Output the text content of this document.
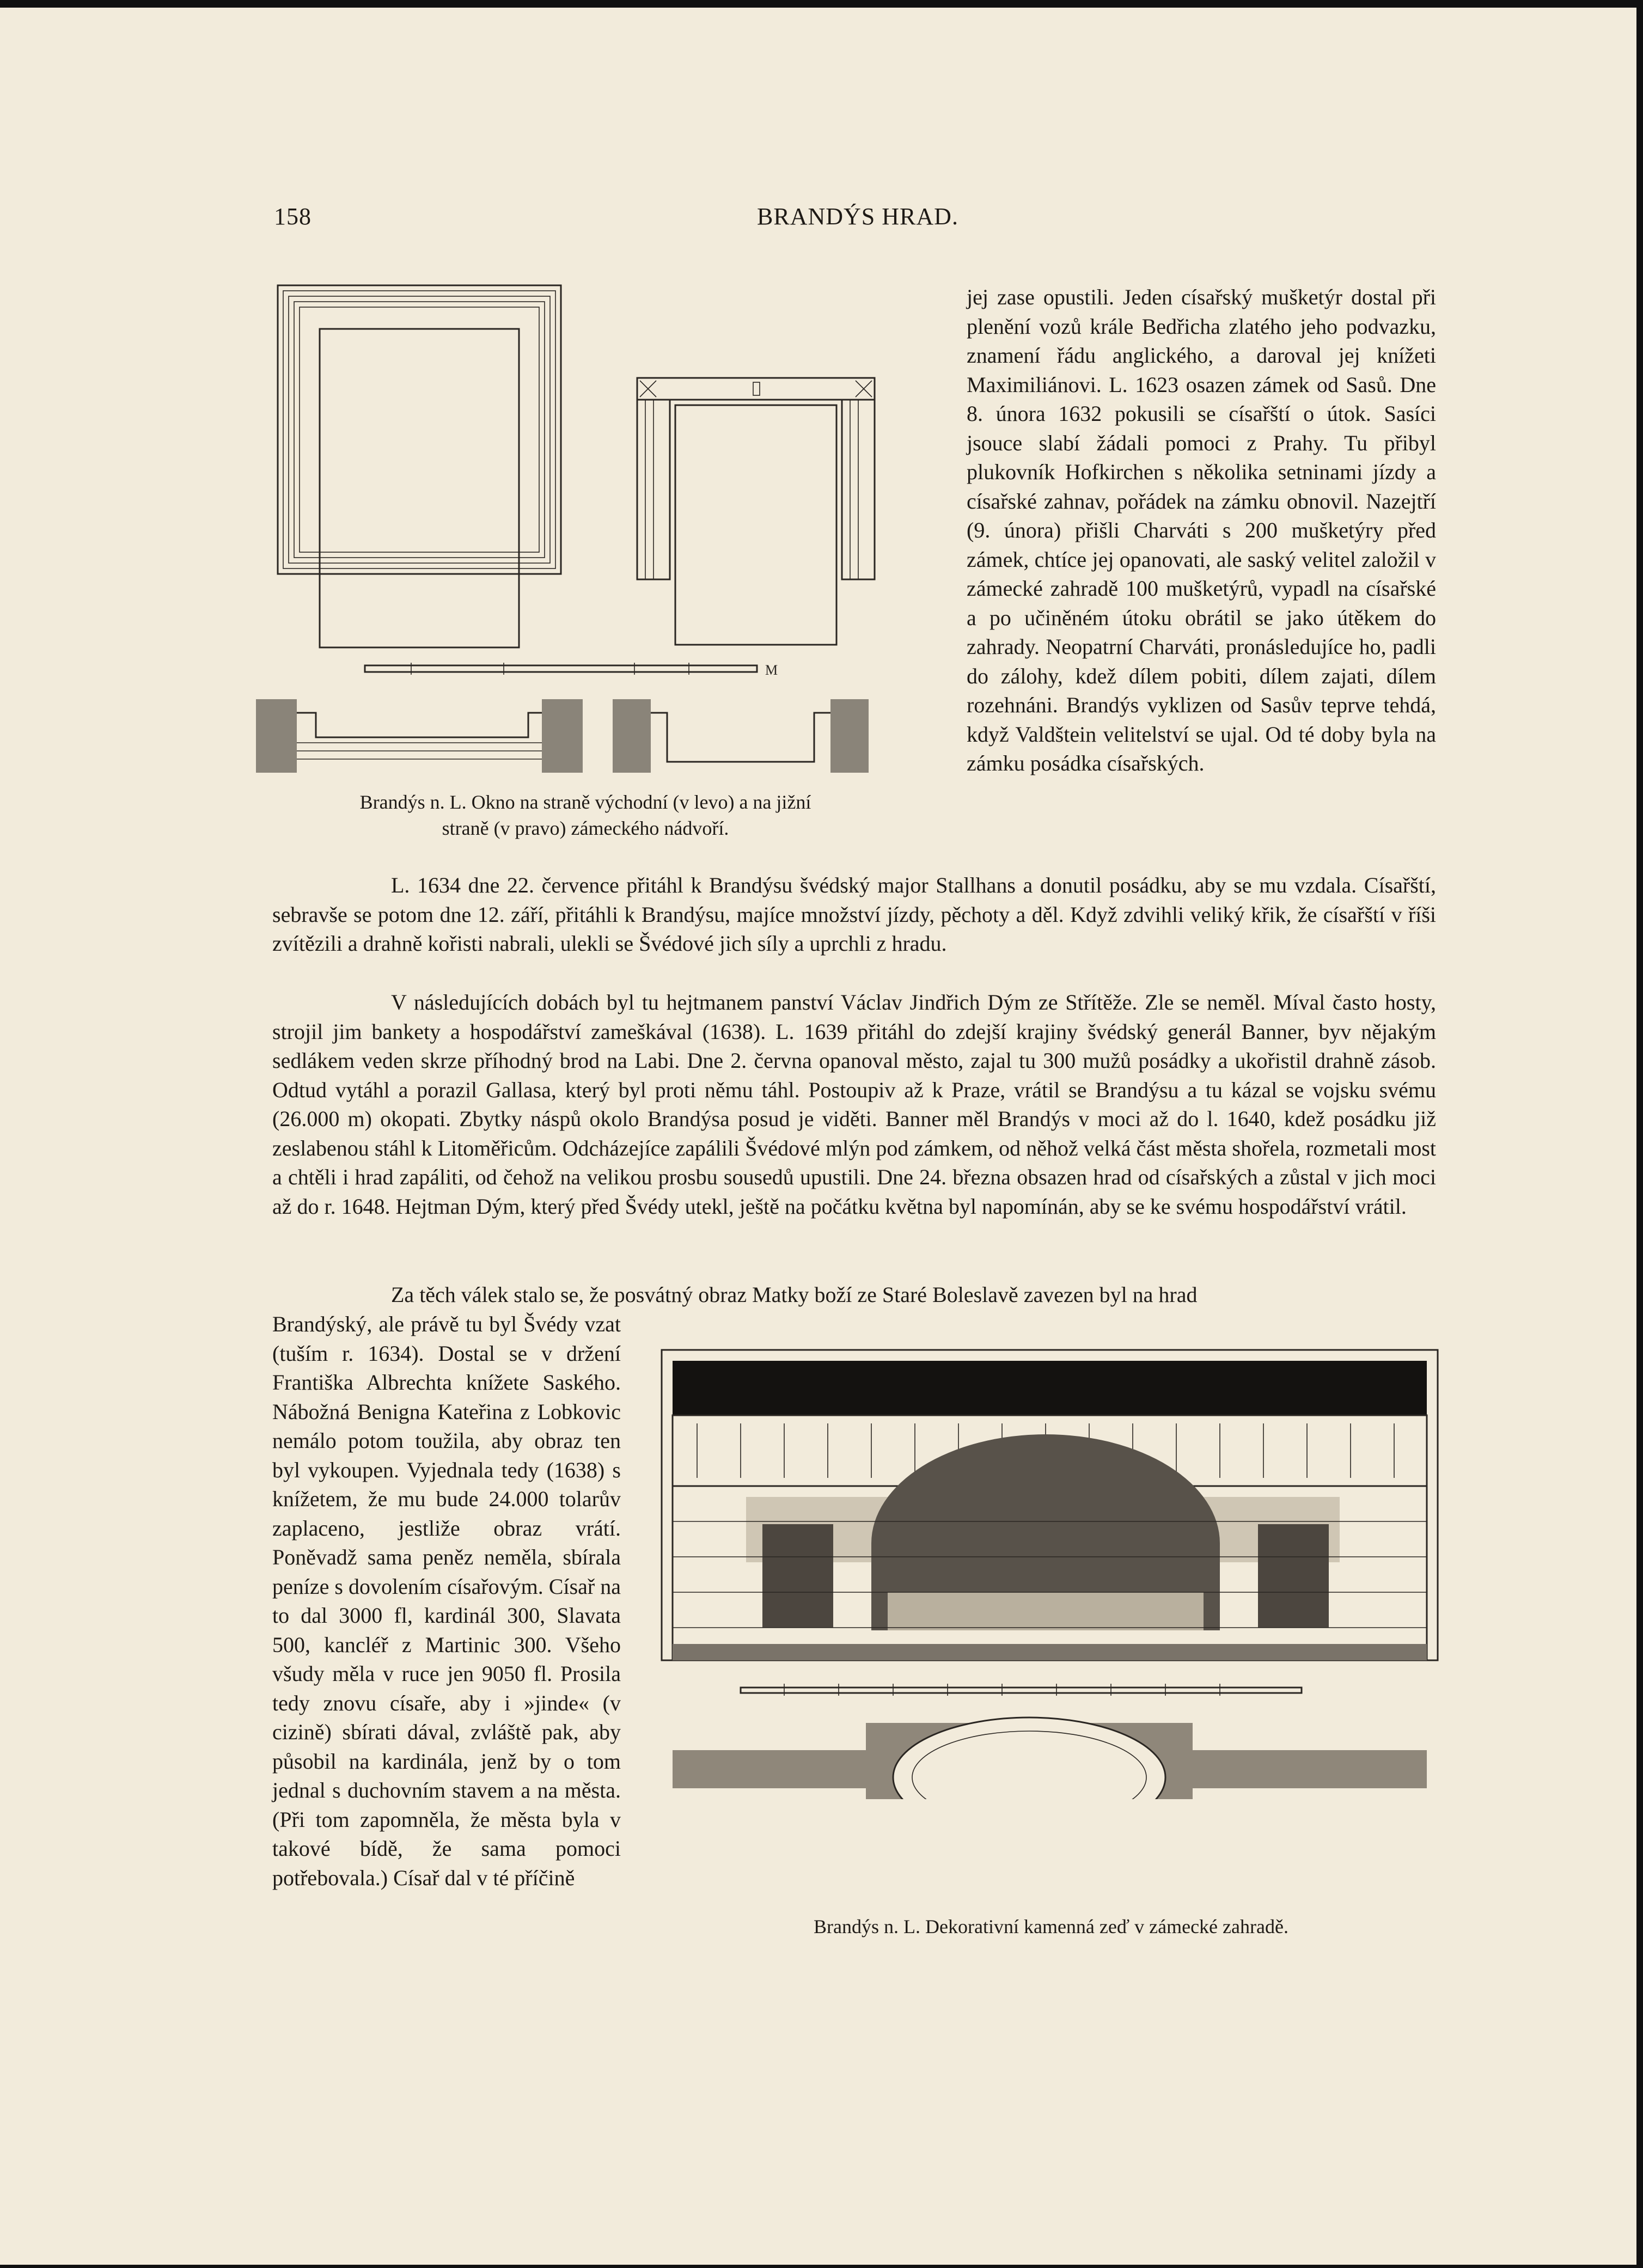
158	BRANDÝS HRAD.
M

Brandýs n. L. Okno na straně východní (v levo) a na jižní
straně (v pravo) zámeckého nádvoří.

jej zase opustili. Jeden císařský mušketýr dostal při plenění vozů krále Bedřicha zlatého jeho podvazku, znamení řádu anglického, a daroval jej knížeti Maximiliánovi. L. 1623 osazen zámek od Sasů. Dne 8. února 1632 pokusili se císařští o útok. Sasíci jsouce slabí žádali pomoci z Prahy. Tu přibyl plukovník Hofkirchen s několika setninami jízdy a císařské zahnav, pořádek na zámku obnovil. Nazejtří (9. února) přišli Charváti s 200 mušketýry před zámek, chtíce jej opanovati, ale saský velitel založil v zámecké zahradě 100 mušketýrů, vypadl na císařské a po učiněném útoku obrátil se jako útěkem do zahrady. Neopatrní Charváti, pronásledujíce ho, padli do zálohy, kdež dílem pobiti, dílem zajati, dílem rozehnáni. Brandýs vyklizen od Sasův teprve tehdá, když Valdštein velitelství se ujal. Od té doby byla na zámku posádka císařských.

L. 1634 dne 22. července přitáhl k Brandýsu švédský major Stallhans a donutil posádku, aby se mu vzdala. Císařští, sebravše se potom dne 12. září, přitáhli k Brandýsu, majíce množství jízdy, pěchoty a děl. Když zdvihli veliký křik, že císařští v říši zvítězili a drahně kořisti nabrali, ulekli se Švédové jich síly a uprchli z hradu.

V následujících dobách byl tu hejtmanem panství Václav Jindřich Dým ze Střítěže. Zle se neměl. Míval často hosty, strojil jim bankety a hospodářství zameškával (1638). L. 1639 přitáhl do zdejší krajiny švédský generál Banner, byv nějakým sedlákem veden skrze příhodný brod na Labi. Dne 2. června opanoval město, zajal tu 300 mužů posádky a ukořistil drahně zásob. Odtud vytáhl a porazil Gallasa, který byl proti němu táhl. Postoupiv až k Praze, vrátil se Brandýsu a tu kázal se vojsku svému (26.000 m) okopati. Zbytky náspů okolo Brandýsa posud je viděti. Banner měl Brandýs v moci až do l. 1640, kdež posádku již zeslabenou stáhl k Litoměřicům. Odcházejíce zapálili Švédové mlýn pod zámkem, od něhož velká část města shořela, rozmetali most a chtěli i hrad zapáliti, od čehož na velikou prosbu sousedů upustili. Dne 24. března obsazen hrad od císařských a zůstal v jich moci až do r. 1648. Hejtman Dým, který před Švédy utekl, ještě na počátku května byl napomínán, aby se ke svému hospodářství vrátil.

Za těch válek stalo se, že posvátný obraz Matky boží ze Staré Boleslavě zavezen byl na hrad

Brandýský, ale právě tu byl Švédy vzat (tuším r. 1634). Dostal se v držení Františka Albrechta knížete Saského. Nábožná Benigna Kateřina z Lobkovic nemálo potom toužila, aby obraz ten byl vykoupen. Vyjednala tedy (1638) s knížetem, že mu bude 24.000 tolarův zaplaceno, jestliže obraz vrátí. Poněvadž sama peněz neměla, sbírala peníze s dovolením císařovým. Císař na to dal 3000 fl, kardinál 300, Slavata 500, kancléř z Martinic 300. Všeho všudy měla v ruce jen 9050 fl. Prosila tedy znovu císaře, aby i »jinde« (v cizině) sbírati dával, zvláště pak, aby působil na kardinála, jenž by o tom jednal s duchovním stavem a na města. (Při tom zapomněla, že města byla v takové bídě, že sama pomoci potřebovala.) Císař dal v té příčině

Brandýs n. L. Dekorativní kamenná zeď v zámecké zahradě.
